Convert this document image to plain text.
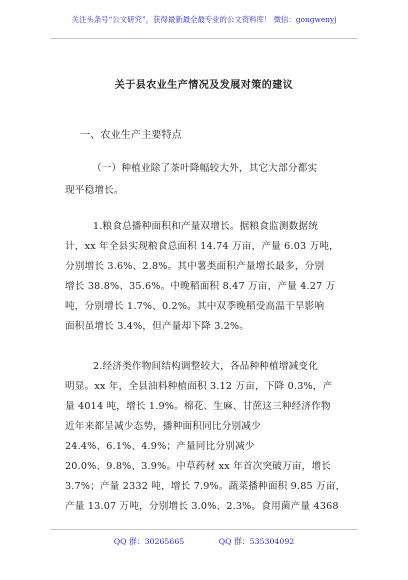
关注头条号“公文研究”，获得最新最全最专业的公文资料库！ 微信：gongwenyj
关于县农业生产情况及发展对策的建议
一、农业生产主要特点
（一）种植业除了茶叶降幅较大外，其它大部分都实
现平稳增长。
1.粮食总播种面积和产量双增长。据粮食监测数据统
计，xx 年全县实现粮食总面积 14.74 万亩，产量 6.03 万吨，
分别增长 3.6%、2.8%。其中薯类面积产量增长最多，分别
增长 38.8%、35.6%。中晚稻面积 8.47 万亩，产量 4.27 万
吨，分别增长 1.7%、0.2%。其中双季晚稻受高温干旱影响
面积虽增长 3.4%，但产量却下降 3.2%。
2.经济类作物间结构调整较大，各品种种植增减变化
明显。xx 年，全县油料种植面积 3.12 万亩，下降 0.3%，产
量 4014 吨，增长 1.9%。棉花、生麻、甘蔗这三种经济作物
近年来都呈减少态势，播种面积同比分别减少
24.4%、6.1%、4.9%；产量同比分别减少
20.0%、9.8%、3.9%。中草药材 xx 年首次突破万亩，增长
3.7%；产量 2332 吨，增长 7.9%。蔬菜播种面积 9.85 万亩，
产量 13.07 万吨，分别增长 3.0%、2.3%。食用菌产量 4368
QQ 群：30265665	QQ 群：535304092
